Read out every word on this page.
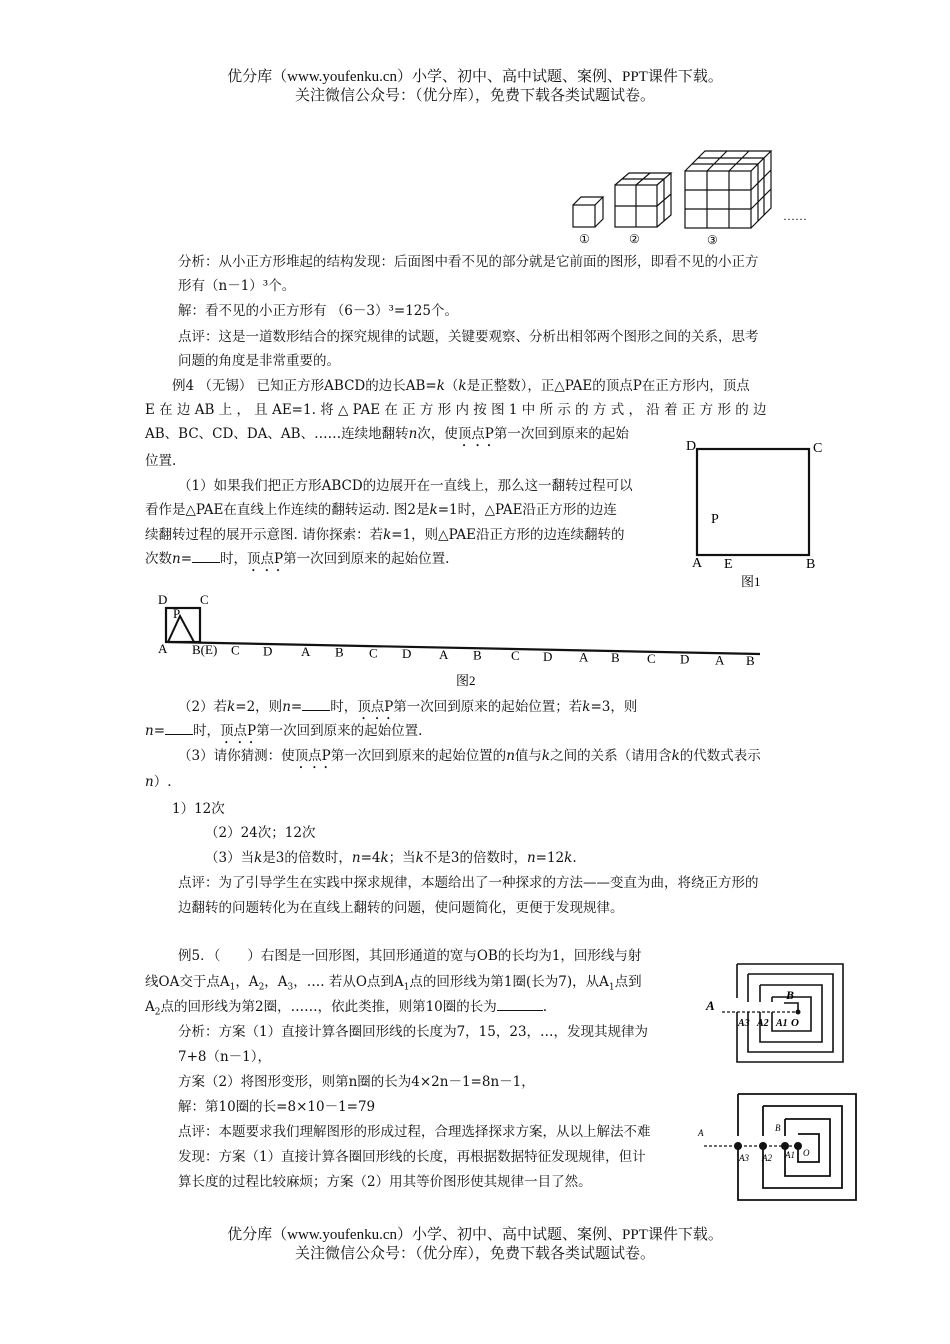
优分库（www.youfenku.cn）小学、初中、高中试题、案例、PPT课件下载。
关注微信公众号：（优分库），免费下载各类试题试卷。
①	②	③
……
分析：从小正方形堆起的结构发现：后面图中看不见的部分就是它前面的图形，即看不见的小正方
形有（n－1）³个。
解：看不见的小正方形有 （6－3）³=125个。
点评：这是一道数形结合的探究规律的试题，关键要观察、分析出相邻两个图形之间的关系，思考
问题的角度是非常重要的。
例4 （无锡） 已知正方形ABCD的边长AB=k（k是正整数），正△PAE的顶点P在正方形内，顶点
E 在 边 AB 上 ， 且 AE=1. 将 △ PAE 在 正 方 形 内 按 图 1 中 所 示 的 方 式 ， 沿 着 正 方 形 的 边
AB、BC、CD、DA、AB、……连续地翻转n次，使顶点P第一次回到原来的起始
位置.
（1）如果我们把正方形ABCD的边展开在一直线上，那么这一翻转过程可以
看作是△PAE在直线上作连续的翻转运动. 图2是k=1时，△PAE沿正方形的边连
续翻转过程的展开示意图. 请你探索：若k=1，则△PAE沿正方形的边连续翻转的
次数n= 时，顶点P第一次回到原来的起始位置.
D	C
P
A E	B
图1
D	C
P
A B(E) C D A B C D A B C D A B C D A B
图2
（2）若k=2，则n= 时，顶点P第一次回到原来的起始位置；若k=3，则
n= 时，顶点P第一次回到原来的起始位置.
（3）请你猜测：使顶点P第一次回到原来的起始位置的n值与k之间的关系（请用含k的代数式表示
n）.
1）12次
（2）24次；12次
（3）当k是3的倍数时，n=4k；当k不是3的倍数时，n=12k.
点评：为了引导学生在实践中探求规律，本题给出了一种探求的方法——变直为曲，将绕正方形的
边翻转的问题转化为在直线上翻转的问题，使问题简化，更便于发现规律。
例5．（　　）右图是一回形图，其回形通道的宽与OB的长均为1，回形线与射
线OA交于点$A_1$，$A_2$，$A_3$，…. 若从O点到$A_1$点的回形线为第1圈(长为7)，从$A_1$点到
$A_2$点的回形线为第2圈，……，依此类推，则第10圈的长为	.
分析：方案（1）直接计算各圈回形线的长度为7，15，23，…，发现其规律为
7+8（n－1），
方案（2）将图形变形，则第n圈的长为4×2n－1=8n－1，
解：第10圈的长=8×10－1=79
点评：本题要求我们理解图形的形成过程，合理选择探求方案，从以上解法不难
发现：方案（1）直接计算各圈回形线的长度，再根据数据特征发现规律，但计
算长度的过程比较麻烦；方案（2）用其等价图形使其规律一目了然。
A
B
A3 A2 A1 O
A	B
A3 A2 A1 O
优分库（www.youfenku.cn）小学、初中、高中试题、案例、PPT课件下载。
关注微信公众号：（优分库），免费下载各类试题试卷。
